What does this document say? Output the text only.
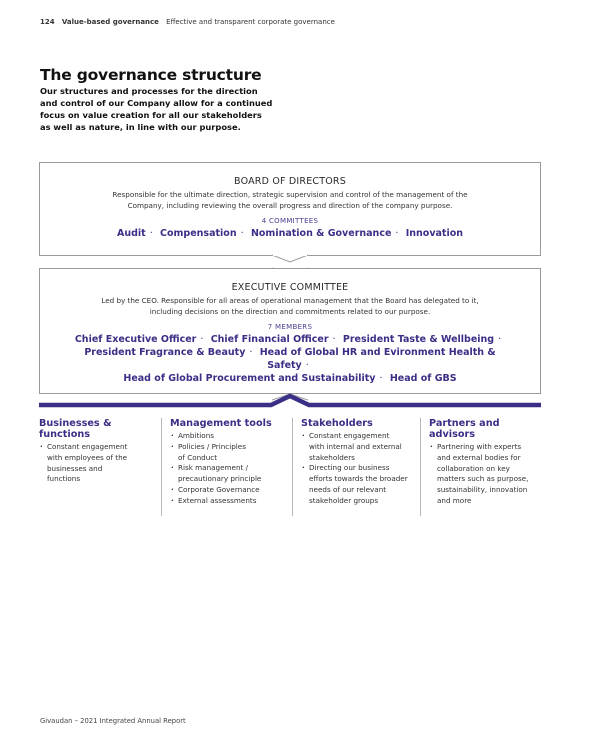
124 Value-based governance Effective and transparent corporate governance
The governance structure
Our structures and processes for the direction and control of our Company allow for a continued focus on value creation for all our stakeholders as well as nature, in line with our purpose.
BOARD OF DIRECTORS
Responsible for the ultimate direction, strategic supervision and control of the management of the
Company, including reviewing the overall progress and direction of the company purpose.
4 COMMITTEES
Audit · Compensation · Nomination & Governance · Innovation
EXECUTIVE COMMITTEE
Led by the CEO. Responsible for all areas of operational management that the Board has delegated to it,
including decisions on the direction and commitments related to our purpose.
7 MEMBERS
Chief Executive Officer · Chief Financial Officer · President Taste & Wellbeing ·
President Fragrance & Beauty · Head of Global HR and Evironment Health & Safety ·
Head of Global Procurement and Sustainability · Head of GBS
Businesses &
functions
· Constant engagement
with employees of the
businesses and
functions
Management tools
· Ambitions
· Policies / Principles
of Conduct
· Risk management /
precautionary principle
· Corporate Governance
· External assessments
Stakeholders
· Constant engagement
with internal and external
stakeholders
· Directing our business
efforts towards the broader
needs of our relevant
stakeholder groups
Partners and advisors
· Partnering with experts
and external bodies for
collaboration on key
matters such as purpose,
sustainability, innovation
and more
Givaudan – 2021 Integrated Annual Report
